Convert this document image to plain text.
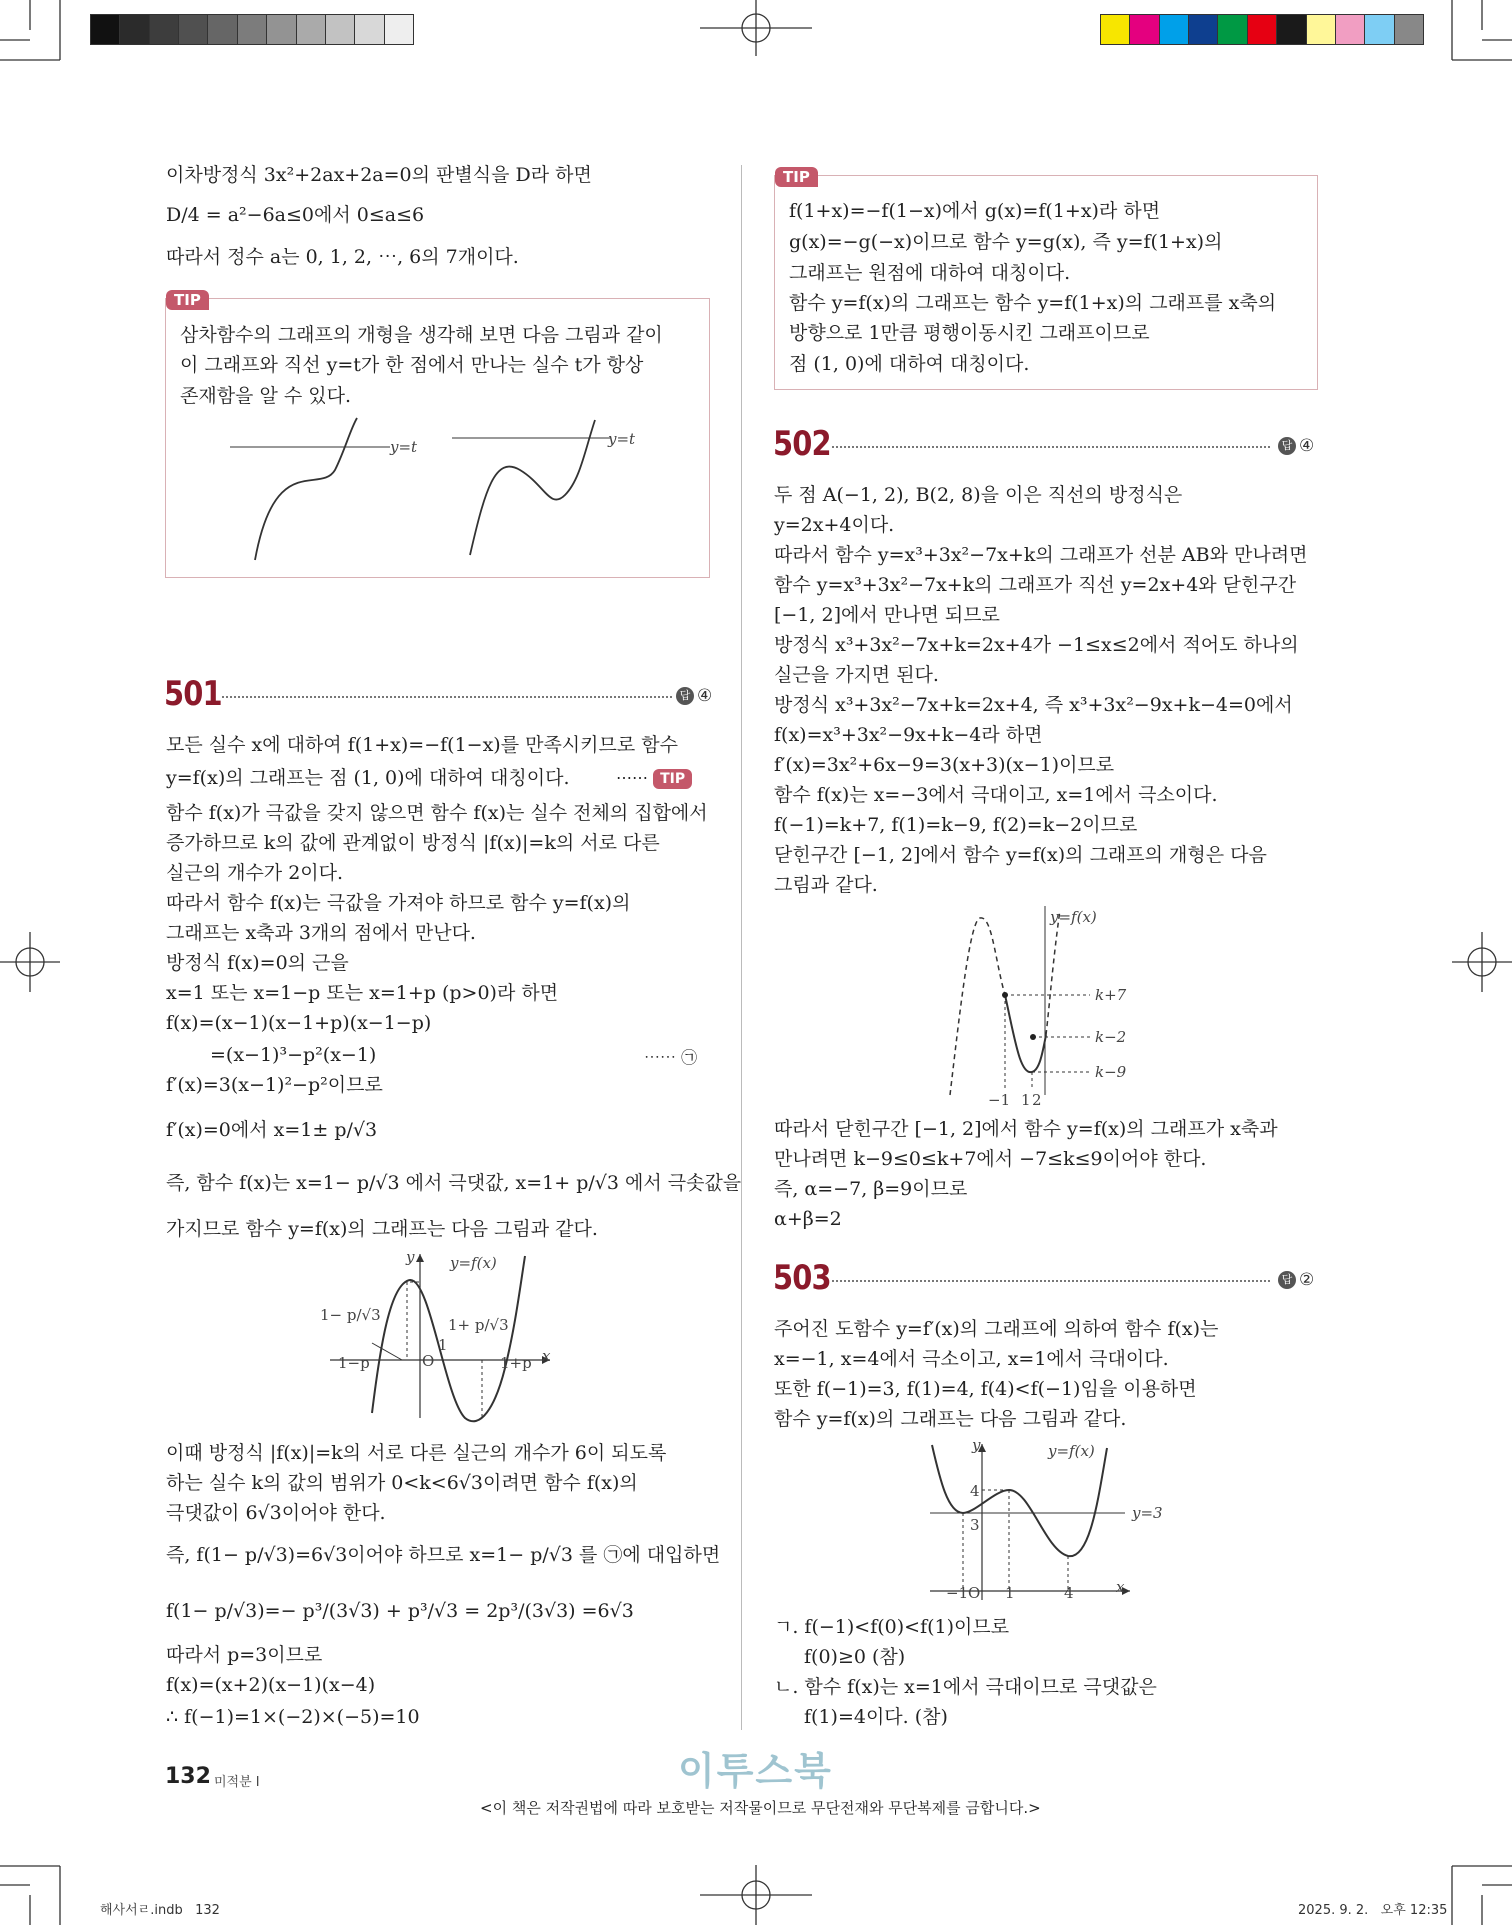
이차방정식 3x²+2ax+2a=0의 판별식을 D라 하면
D/4 = a²−6a≤0에서 0≤a≤6
따라서 정수 a는 0, 1, 2, ⋯, 6의 7개이다.
TIP
삼차함수의 그래프의 개형을 생각해 보면 다음 그림과 같이
이 그래프와 직선 y=t가 한 점에서 만나는 실수 t가 항상
존재함을 알 수 있다.
y=t	y=t
501	답 ④
모든 실수 x에 대하여 f(1+x)=−f(1−x)를 만족시키므로 함수
y=f(x)의 그래프는 점 (1, 0)에 대하여 대칭이다.	⋯⋯ TIP
함수 f(x)가 극값을 갖지 않으면 함수 f(x)는 실수 전체의 집합에서
증가하므로 k의 값에 관계없이 방정식 |f(x)|=k의 서로 다른
실근의 개수가 2이다.
따라서 함수 f(x)는 극값을 가져야 하므로 함수 y=f(x)의
그래프는 x축과 3개의 점에서 만난다.
방정식 f(x)=0의 근을
x=1 또는 x=1−p 또는 x=1+p (p>0)라 하면
f(x)=(x−1)(x−1+p)(x−1−p)
=(x−1)³−p²(x−1)	⋯⋯ ㉠
f′(x)=3(x−1)²−p²이므로
f′(x)=0에서 x=1± p/√3
즉, 함수 f(x)는 x=1− p/√3 에서 극댓값, x=1+ p/√3 에서 극솟값을
가지므로 함수 y=f(x)의 그래프는 다음 그림과 같다.
y=f(x)
y
x
O
1
1−p	1+p
1− p/√3
1+ p/√3
이때 방정식 |f(x)|=k의 서로 다른 실근의 개수가 6이 되도록
하는 실수 k의 값의 범위가 0<k<6√3이려면 함수 f(x)의
극댓값이 6√3이어야 한다.
즉, f(1− p/√3)=6√3이어야 하므로 x=1− p/√3 를 ㉠에 대입하면
f(1− p/√3)=− p³/(3√3) + p³/√3 = 2p³/(3√3) =6√3
따라서 p=3이므로
f(x)=(x+2)(x−1)(x−4)
∴ f(−1)=1×(−2)×(−5)=10
TIP
f(1+x)=−f(1−x)에서 g(x)=f(1+x)라 하면
g(x)=−g(−x)이므로 함수 y=g(x), 즉 y=f(1+x)의
그래프는 원점에 대하여 대칭이다.
함수 y=f(x)의 그래프는 함수 y=f(1+x)의 그래프를 x축의
방향으로 1만큼 평행이동시킨 그래프이므로
점 (1, 0)에 대하여 대칭이다.
502	답 ④
두 점 A(−1, 2), B(2, 8)을 이은 직선의 방정식은
y=2x+4이다.
따라서 함수 y=x³+3x²−7x+k의 그래프가 선분 AB와 만나려면
함수 y=x³+3x²−7x+k의 그래프가 직선 y=2x+4와 닫힌구간
[−1, 2]에서 만나면 되므로
방정식 x³+3x²−7x+k=2x+4가 −1≤x≤2에서 적어도 하나의
실근을 가지면 된다.
방정식 x³+3x²−7x+k=2x+4, 즉 x³+3x²−9x+k−4=0에서
f(x)=x³+3x²−9x+k−4라 하면
f′(x)=3x²+6x−9=3(x+3)(x−1)이므로
함수 f(x)는 x=−3에서 극대이고, x=1에서 극소이다.
f(−1)=k+7, f(1)=k−9, f(2)=k−2이므로
닫힌구간 [−1, 2]에서 함수 y=f(x)의 그래프의 개형은 다음
그림과 같다.
y=f(x)
k+7
k−2
k−9
−1 1 2
따라서 닫힌구간 [−1, 2]에서 함수 y=f(x)의 그래프가 x축과
만나려면 k−9≤0≤k+7에서 −7≤k≤9이어야 한다.
즉, α=−7, β=9이므로
α+β=2
503	답 ②
주어진 도함수 y=f′(x)의 그래프에 의하여 함수 f(x)는
x=−1, x=4에서 극소이고, x=1에서 극대이다.
또한 f(−1)=3, f(1)=4, f(4)<f(−1)임을 이용하면
함수 y=f(x)의 그래프는 다음 그림과 같다.
y=f(x)
y=3
y
x
4
3
−1 O 1	4
ㄱ. f(−1)<f(0)<f(1)이므로
f(0)≥0 (참)
ㄴ. 함수 f(x)는 x=1에서 극대이므로 극댓값은
f(1)=4이다. (참)
132 미적분 I	이투스북
<이 책은 저작권법에 따라 보호받는 저작물이므로 무단전재와 무단복제를 금합니다.>
해사서ㄹ.indb   132	2025. 9. 2.   오후 12:35
